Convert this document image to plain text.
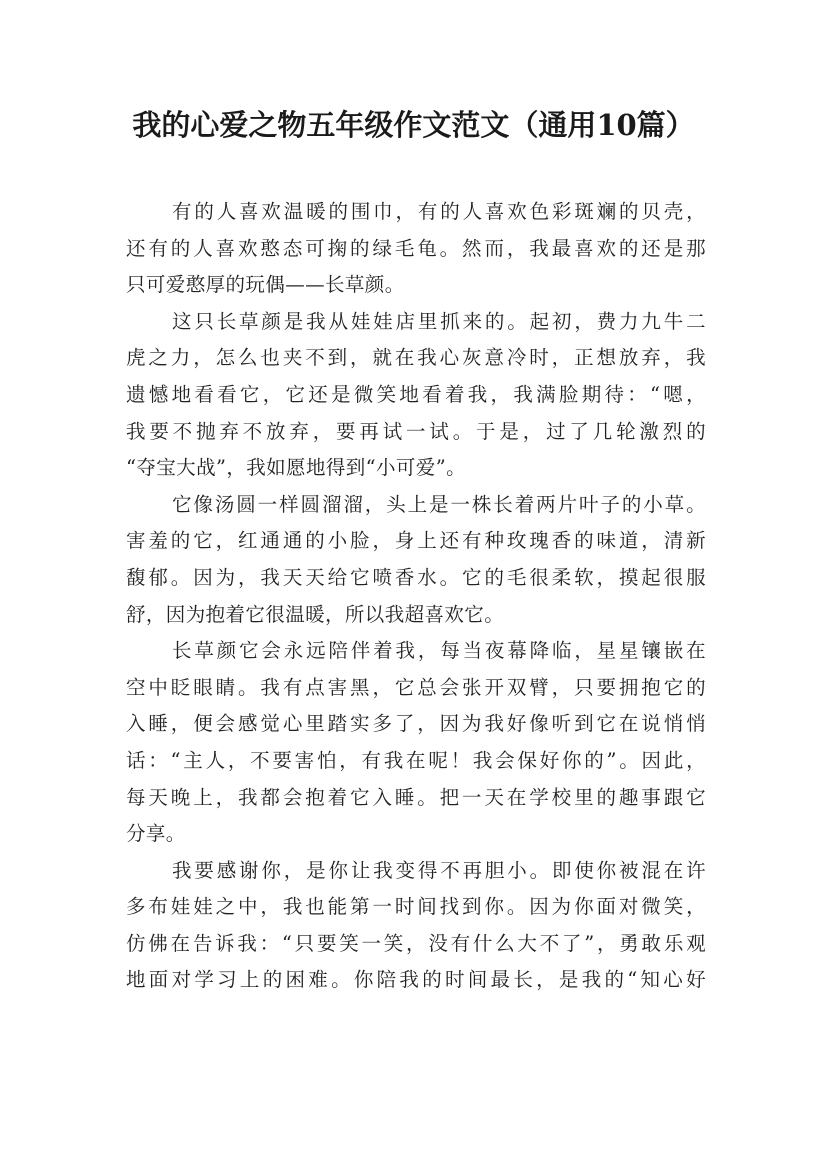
我的心爱之物五年级作文范文（通用10篇）
有的人喜欢温暖的围巾，有的人喜欢色彩斑斓的贝壳，
还有的人喜欢憨态可掬的绿毛龟。然而，我最喜欢的还是那
只可爱憨厚的玩偶——长草颜。
这只长草颜是我从娃娃店里抓来的。起初，费力九牛二
虎之力，怎么也夹不到，就在我心灰意冷时，正想放弃，我
遗憾地看看它，它还是微笑地看着我，我满脸期待：“嗯，
我要不抛弃不放弃，要再试一试。于是，过了几轮激烈的
“夺宝大战”，我如愿地得到“小可爱”。
它像汤圆一样圆溜溜，头上是一株长着两片叶子的小草。
害羞的它，红通通的小脸，身上还有种玫瑰香的味道，清新
馥郁。因为，我天天给它喷香水。它的毛很柔软，摸起很服
舒，因为抱着它很温暖，所以我超喜欢它。
长草颜它会永远陪伴着我，每当夜幕降临，星星镶嵌在
空中眨眼睛。我有点害黑，它总会张开双臂，只要拥抱它的
入睡，便会感觉心里踏实多了，因为我好像听到它在说悄悄
话：“主人，不要害怕，有我在呢！我会保好你的”。因此，
每天晚上，我都会抱着它入睡。把一天在学校里的趣事跟它
分享。
我要感谢你，是你让我变得不再胆小。即使你被混在许
多布娃娃之中，我也能第一时间找到你。因为你面对微笑，
仿佛在告诉我：“只要笑一笑，没有什么大不了”，勇敢乐观
地面对学习上的困难。你陪我的时间最长，是我的“知心好
